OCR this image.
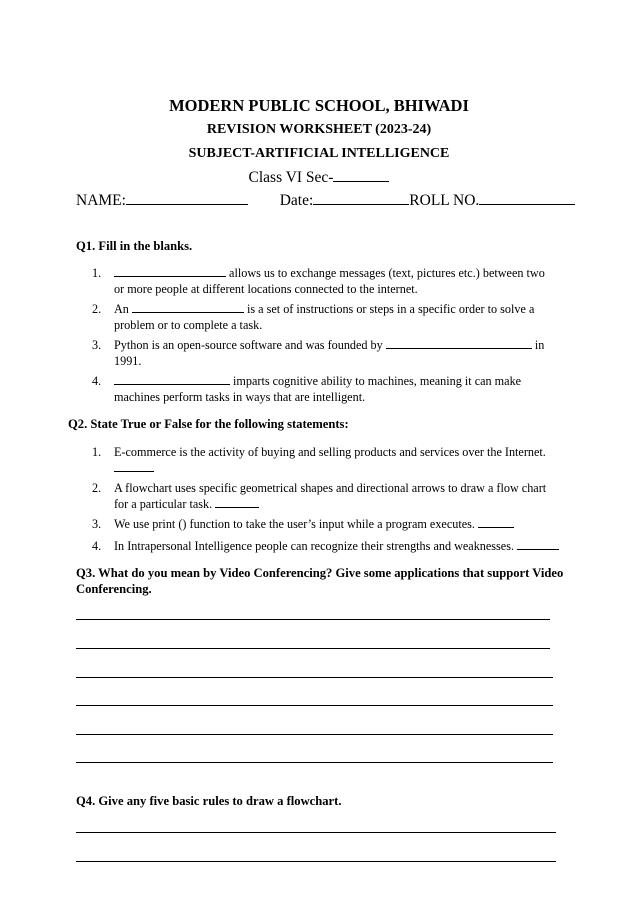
MODERN PUBLIC SCHOOL, BHIWADI
REVISION WORKSHEET (2023-24)
SUBJECT-ARTIFICIAL INTELLIGENCE
Class VI Sec-
NAME:	Date:	ROLL NO.
Q1. Fill in the blanks.
1.	allows us to exchange messages (text, pictures etc.) between two
or more people at different locations connected to the internet.
2.	An	is a set of instructions or steps in a specific order to solve a
problem or to complete a task.
3.	Python is an open-source software and was founded by	in
1991.
4.	imparts cognitive ability to machines, meaning it can make
machines perform tasks in ways that are intelligent.
Q2. State True or False for the following statements:
1.	E-commerce is the activity of buying and selling products and services over the Internet.
2.	A flowchart uses specific geometrical shapes and directional arrows to draw a flow chart
for a particular task.
3.	We use print () function to take the user’s input while a program executes.
4.	In Intrapersonal Intelligence people can recognize their strengths and weaknesses.
Q3. What do you mean by Video Conferencing? Give some applications that support Video
Conferencing.
Q4. Give any five basic rules to draw a flowchart.
